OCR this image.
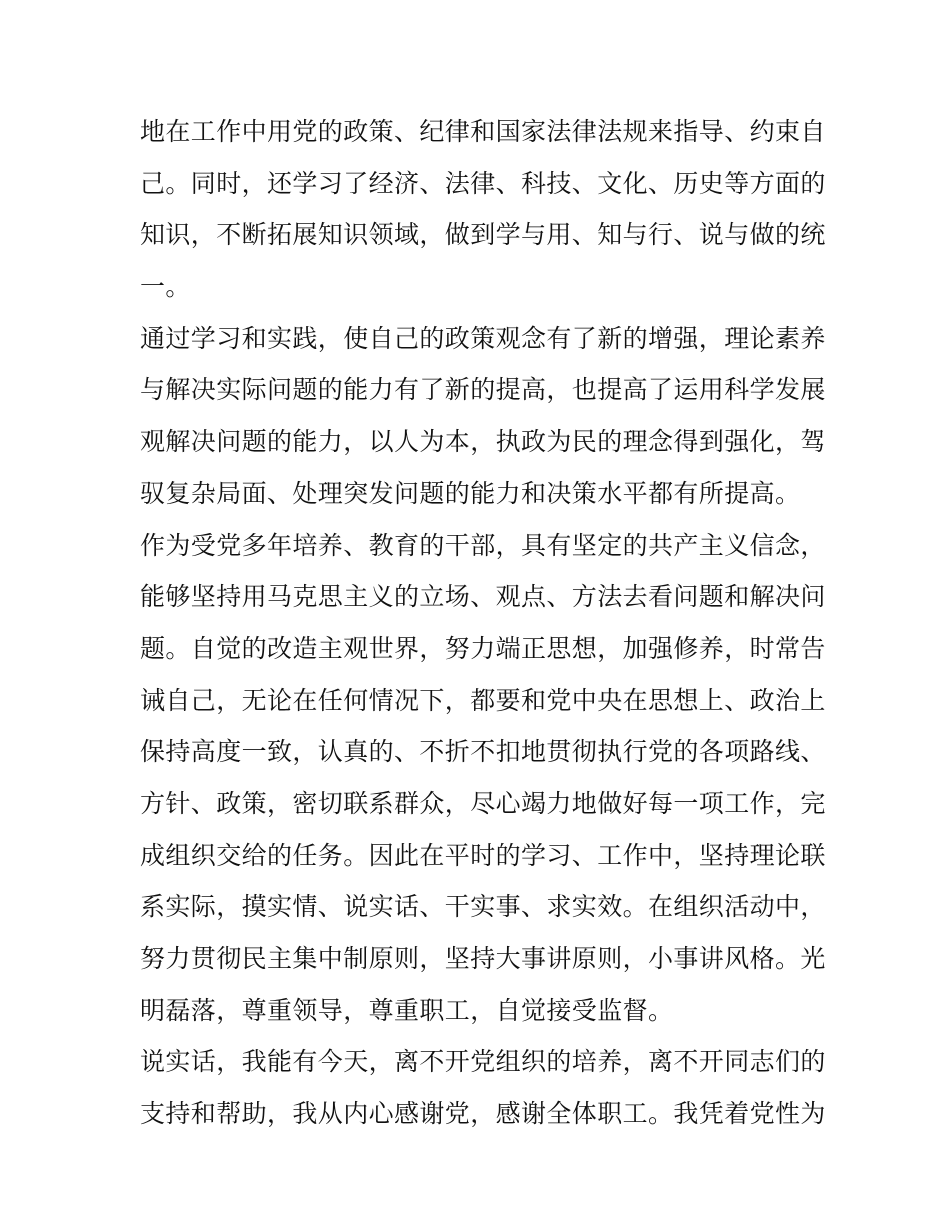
地在工作中用党的政策、纪律和国家法律法规来指导、约束自
己。同时，还学习了经济、法律、科技、文化、历史等方面的
知识，不断拓展知识领域，做到学与用、知与行、说与做的统
一。
通过学习和实践，使自己的政策观念有了新的增强，理论素养
与解决实际问题的能力有了新的提高，也提高了运用科学发展
观解决问题的能力，以人为本，执政为民的理念得到强化，驾
驭复杂局面、处理突发问题的能力和决策水平都有所提高。
作为受党多年培养、教育的干部，具有坚定的共产主义信念，
能够坚持用马克思主义的立场、观点、方法去看问题和解决问
题。自觉的改造主观世界，努力端正思想，加强修养，时常告
诫自己，无论在任何情况下，都要和党中央在思想上、政治上
保持高度一致，认真的、不折不扣地贯彻执行党的各项路线、
方针、政策，密切联系群众，尽心竭力地做好每一项工作，完
成组织交给的任务。因此在平时的学习、工作中，坚持理论联
系实际，摸实情、说实话、干实事、求实效。在组织活动中，
努力贯彻民主集中制原则，坚持大事讲原则，小事讲风格。光
明磊落，尊重领导，尊重职工，自觉接受监督。
说实话，我能有今天，离不开党组织的培养，离不开同志们的
支持和帮助，我从内心感谢党，感谢全体职工。我凭着党性为
